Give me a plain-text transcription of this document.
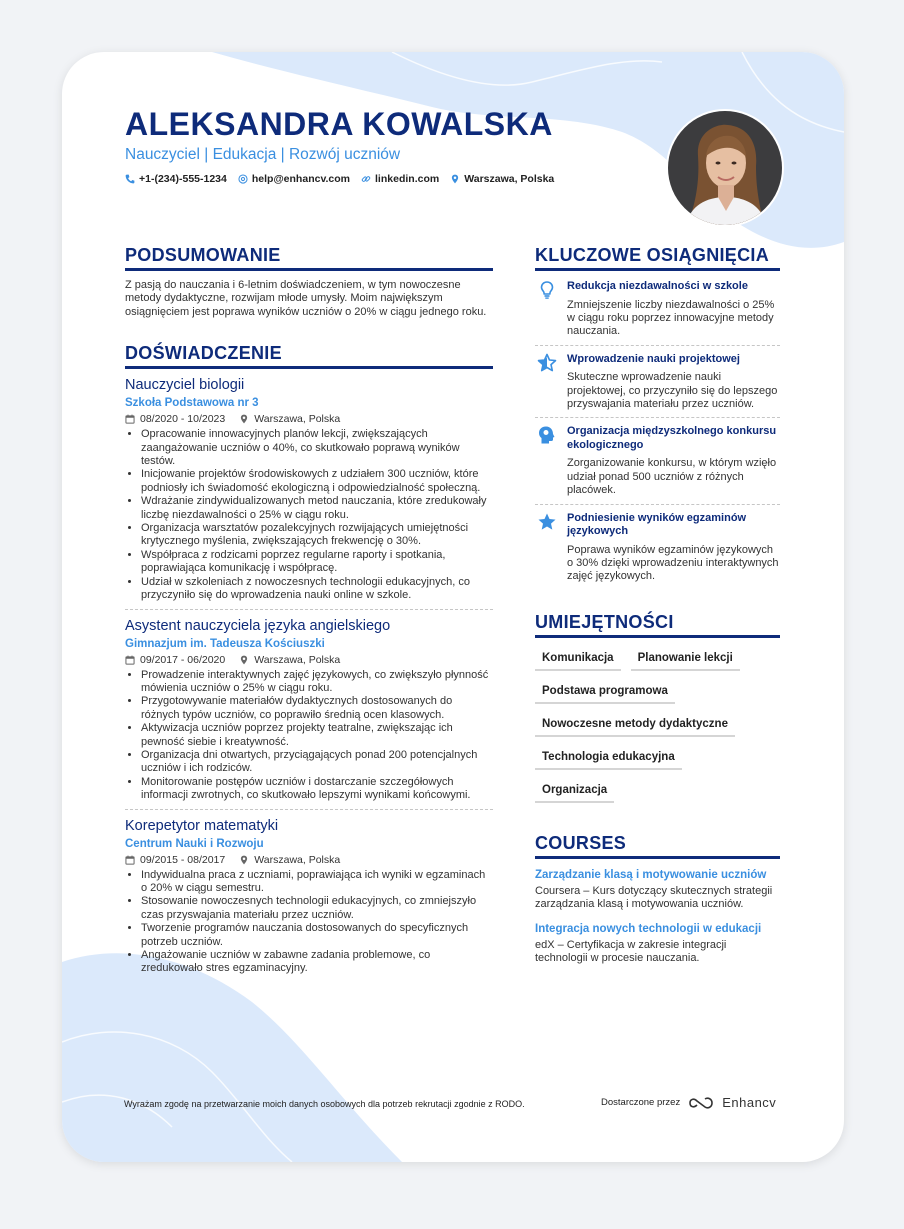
ALEKSANDRA KOWALSKA

Nauczyciel | Edukacja | Rozwój uczniów

+1-(234)-555-1234 help@enhancv.com linkedin.com Warszawa, Polska
PODSUMOWANIE

Z pasją do nauczania i 6-letnim doświadczeniem, w tym nowoczesne metody dydaktyczne, rozwijam młode umysły. Moim największym osiągnięciem jest poprawa wyników uczniów o 20% w ciągu jednego roku.

DOŚWIADCZENIE

Nauczyciel biologii

Szkoła Podstawowa nr 3

08/2020 - 10/2023	Warszawa, Polska
• Opracowanie innowacyjnych planów lekcji, zwiększających zaangażowanie uczniów o 40%, co skutkowało poprawą wyników testów.
• Inicjowanie projektów środowiskowych z udziałem 300 uczniów, które podniosły ich świadomość ekologiczną i odpowiedzialność społeczną.
• Wdrażanie zindywidualizowanych metod nauczania, które zredukowały liczbę niezdawalności o 25% w ciągu roku.
• Organizacja warsztatów pozalekcyjnych rozwijających umiejętności krytycznego myślenia, zwiększających frekwencję o 30%.
• Współpraca z rodzicami poprzez regularne raporty i spotkania, poprawiająca komunikację i współpracę.
• Udział w szkoleniach z nowoczesnych technologii edukacyjnych, co przyczyniło się do wprowadzenia nauki online w szkole.

Asystent nauczyciela języka angielskiego

Gimnazjum im. Tadeusza Kościuszki

09/2017 - 06/2020	Warszawa, Polska
• Prowadzenie interaktywnych zajęć językowych, co zwiększyło płynność mówienia uczniów o 25% w ciągu roku.
• Przygotowywanie materiałów dydaktycznych dostosowanych do różnych typów uczniów, co poprawiło średnią ocen klasowych.
• Aktywizacja uczniów poprzez projekty teatralne, zwiększając ich pewność siebie i kreatywność.
• Organizacja dni otwartych, przyciągających ponad 200 potencjalnych uczniów i ich rodziców.
• Monitorowanie postępów uczniów i dostarczanie szczegółowych informacji zwrotnych, co skutkowało lepszymi wynikami końcowymi.

Korepetytor matematyki

Centrum Nauki i Rozwoju

09/2015 - 08/2017	Warszawa, Polska
• Indywidualna praca z uczniami, poprawiająca ich wyniki w egzaminach o 20% w ciągu semestru.
• Stosowanie nowoczesnych technologii edukacyjnych, co zmniejszyło czas przyswajania materiału przez uczniów.
• Tworzenie programów nauczania dostosowanych do specyficznych potrzeb uczniów.
• Angażowanie uczniów w zabawne zadania problemowe, co zredukowało stres egzaminacyjny.
KLUCZOWE OSIĄGNIĘCIA

Redukcja niezdawalności w szkole

Zmniejszenie liczby niezdawalności o 25% w ciągu roku poprzez innowacyjne metody nauczania.

Wprowadzenie nauki projektowej

Skuteczne wprowadzenie nauki projektowej, co przyczyniło się do lepszego przyswajania materiału przez uczniów.

Organizacja międzyszkolnego konkursu ekologicznego

Zorganizowanie konkursu, w którym wzięło udział ponad 500 uczniów z różnych placówek.

Podniesienie wyników egzaminów językowych

Poprawa wyników egzaminów językowych o 30% dzięki wprowadzeniu interaktywnych zajęć językowych.

UMIEJĘTNOŚCI
Komunikacja	Planowanie lekcji
Podstawa programowa
Nowoczesne metody dydaktyczne
Technologia edukacyjna
Organizacja
COURSES

Zarządzanie klasą i motywowanie uczniów

Coursera – Kurs dotyczący skutecznych strategii zarządzania klasą i motywowania uczniów.

Integracja nowych technologii w edukacji

edX – Certyfikacja w zakresie integracji technologii w procesie nauczania.

Wyrażam zgodę na przetwarzanie moich danych osobowych dla potrzeb rekrutacji zgodnie z RODO.	Dostarczone przez	Enhancv
